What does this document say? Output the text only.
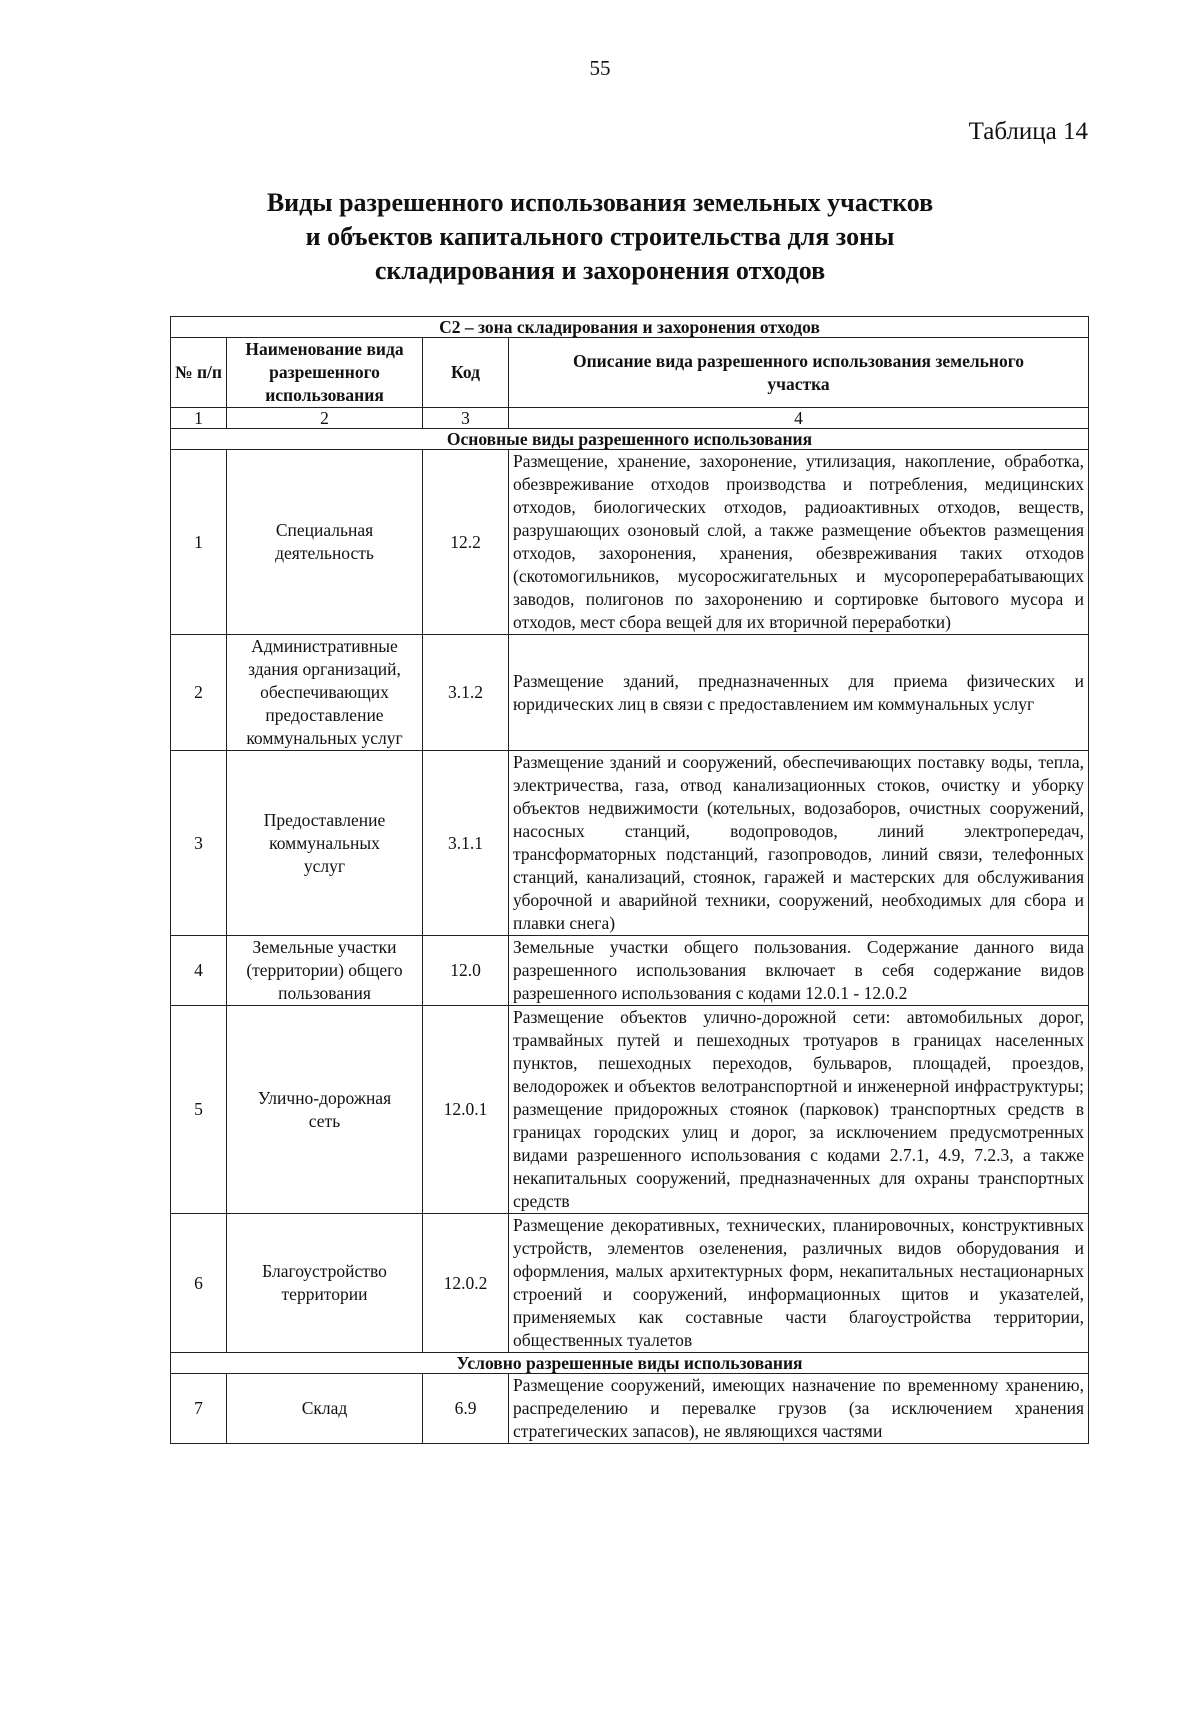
55
Таблица 14
Виды разрешенного использования земельных участков
и объектов капитального строительства для зоны
складирования и захоронения отходов
С2 – зона складирования и захоронения отходов			
№ п/п	Наименование вида разрешенного использования	Код	Описание вида разрешенного использования земельного участка
1	2	3	4
Основные виды разрешенного использования			
1	Специальная деятельность	12.2	Размещение, хранение, захоронение, утилизация, накопление, обработка, обезвреживание отходов производства и потребления, медицинских отходов, биологических отходов, радиоактивных отходов, веществ, разрушающих озоновый слой, а также размещение объектов размещения отходов, захоронения, хранения, обезвреживания таких отходов (скотомогильников, мусоросжигательных и мусороперерабатывающих заводов, полигонов по захоронению и сортировке бытового мусора и отходов, мест сбора вещей для их вторичной переработки)
2	Административные здания организаций, обеспечивающих предоставление коммунальных услуг	3.1.2	Размещение зданий, предназначенных для приема физических и юридических лиц в связи с предоставлением им коммунальных услуг
3	Предоставление коммунальных услуг	3.1.1	Размещение зданий и сооружений, обеспечивающих поставку воды, тепла, электричества, газа, отвод канализационных стоков, очистку и уборку объектов недвижимости (котельных, водозаборов, очистных сооружений, насосных станций, водопроводов, линий электропередач, трансформаторных подстанций, газопроводов, линий связи, телефонных станций, канализаций, стоянок, гаражей и мастерских для обслуживания уборочной и аварийной техники, сооружений, необходимых для сбора и плавки снега)
4	Земельные участки (территории) общего пользования	12.0	Земельные участки общего пользования. Содержание данного вида разрешенного использования включает в себя содержание видов разрешенного использования с кодами 12.0.1 - 12.0.2
5	Улично-дорожная сеть	12.0.1	Размещение объектов улично-дорожной сети: автомобильных дорог, трамвайных путей и пешеходных тротуаров в границах населенных пунктов, пешеходных переходов, бульваров, площадей, проездов, велодорожек и объектов велотранспортной и инженерной инфраструктуры; размещение придорожных стоянок (парковок) транспортных средств в границах городских улиц и дорог, за исключением предусмотренных видами разрешенного использования с кодами 2.7.1, 4.9, 7.2.3, а также некапитальных сооружений, предназначенных для охраны транспортных средств
6	Благоустройство территории	12.0.2	Размещение декоративных, технических, планировочных, конструктивных устройств, элементов озеленения, различных видов оборудования и оформления, малых архитектурных форм, некапитальных нестационарных строений и сооружений, информационных щитов и указателей, применяемых как составные части благоустройства территории, общественных туалетов
Условно разрешенные виды использования			
7	Склад	6.9	Размещение сооружений, имеющих назначение по временному хранению, распределению и перевалке грузов (за исключением хранения стратегических запасов), не являющихся частями
